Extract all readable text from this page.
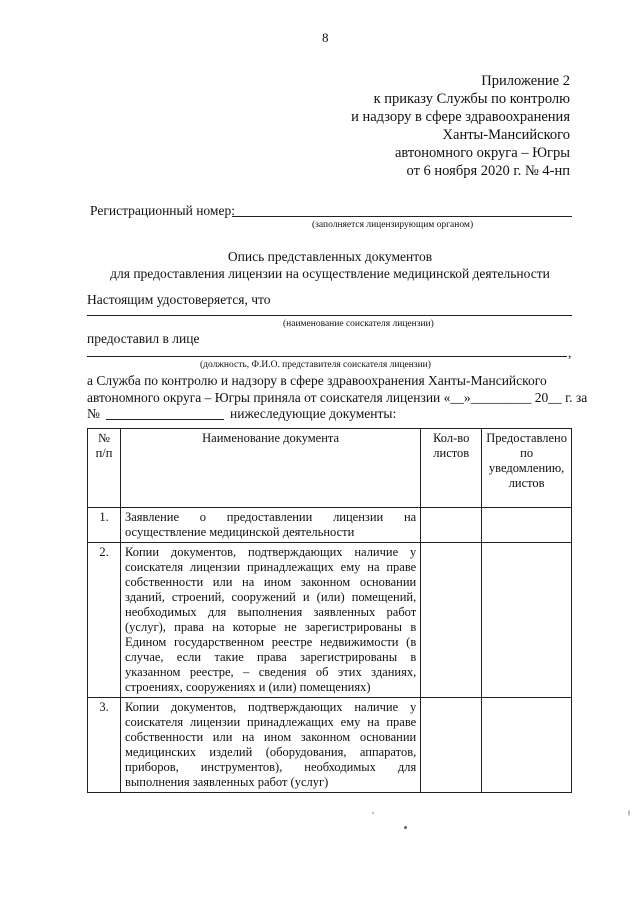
8
Приложение 2
к приказу Службы по контролю
и надзору в сфере здравоохранения
Ханты-Мансийского
автономного округа – Югры
от 6 ноября 2020 г. № 4-нп
Регистрационный номер:
(заполняется лицензирующим органом)
Опись представленных документов
для предоставления лицензии на осуществление медицинской деятельности
Настоящим удостоверяется, что
(наименование соискателя лицензии)
предоставил в лице
,
(должность, Ф.И.О. представителя соискателя лицензии)
а Служба по контролю и надзору в сфере здравоохранения Ханты-Мансийского
автономного округа – Югры приняла от соискателя лицензии «__»_________ 20__ г. за
№	нижеследующие документы:
№ п/п	Наименование документа	Кол-во листов	Предоставлено по уведомлению, листов
1.	Заявление о предоставлении лицензии на осуществление медицинской деятельности		
2.	Копии документов, подтверждающих наличие у соискателя лицензии принадлежащих ему на праве собственности или на ином законном основании зданий, строений, сооружений и (или) помещений, необходимых для выполнения заявленных работ (услуг), права на которые не зарегистрированы в Едином государственном реестре недвижимости (в случае, если такие права зарегистрированы в указанном реестре, – сведения об этих зданиях, строениях, сооружениях и (или) помещениях)		
3.	Копии документов, подтверждающих наличие у соискателя лицензии принадлежащих ему на праве собственности или на ином законном основании медицинских изделий (оборудования, аппаратов, приборов, инструментов), необходимых для выполнения заявленных работ (услуг)		
